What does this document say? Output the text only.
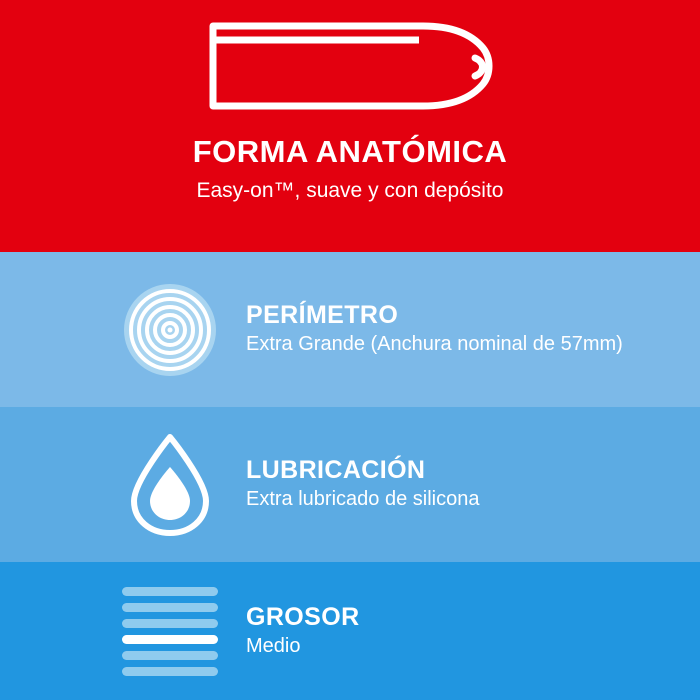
FORMA ANATÓMICA
Easy-on™, suave y con depósito
PERÍMETRO
Extra Grande (Anchura nominal de 57mm)
LUBRICACIÓN
Extra lubricado de silicona
GROSOR
Medio
